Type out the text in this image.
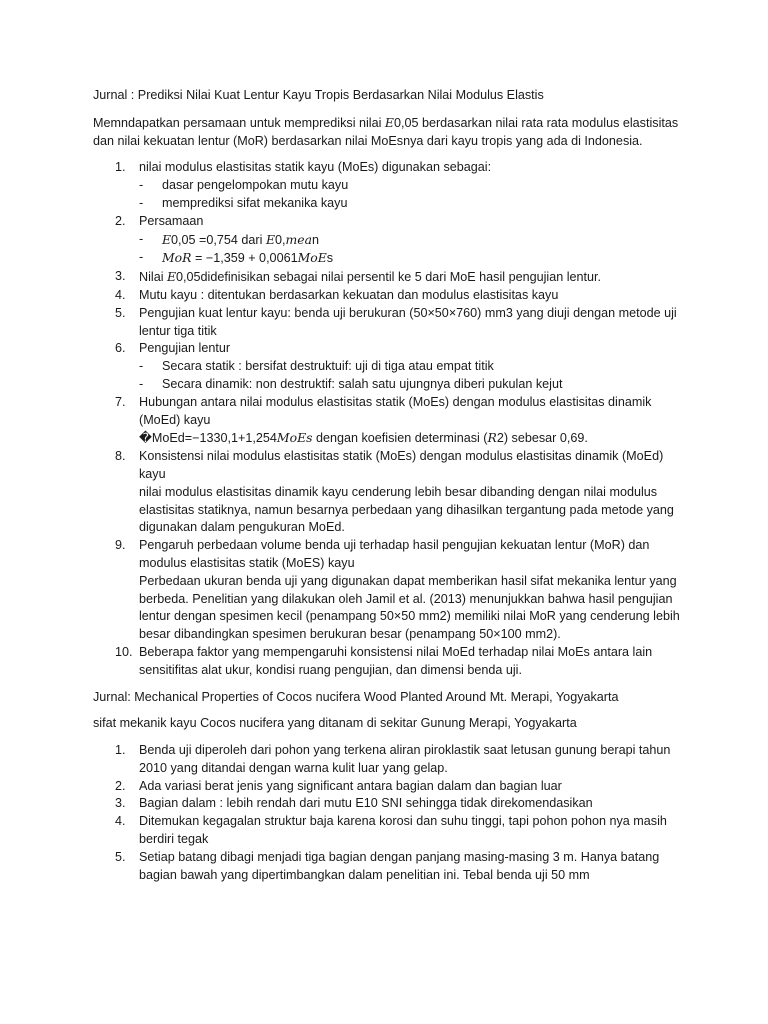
Jurnal : Prediksi Nilai Kuat Lentur Kayu Tropis Berdasarkan Nilai Modulus Elastis

Memndapatkan persamaan untuk memprediksi nilai E0,05 berdasarkan nilai rata rata modulus elastisitas dan nilai kekuatan lentur (MoR) berdasarkan nilai MoEsnya dari kayu tropis yang ada di Indonesia.

1.	nilai modulus elastisitas statik kayu (MoEs) digunakan sebagai:
- dasar pengelompokan mutu kayu
- memprediksi sifat mekanika kayu
2.	Persamaan
- E0,05 =0,754 dari E0,mean
- MoR = −1,359 + 0,0061MoEs
3.	Nilai E0,05didefinisikan sebagai nilai persentil ke 5 dari MoE hasil pengujian lentur.
4.	Mutu kayu : ditentukan berdasarkan kekuatan dan modulus elastisitas kayu
5.	Pengujian kuat lentur kayu: benda uji berukuran (50×50×760) mm3 yang diuji dengan metode uji lentur tiga titik
6.	Pengujian lentur
- Secara statik : bersifat destruktuif: uji di tiga atau empat titik
- Secara dinamik: non destruktif: salah satu ujungnya diberi pukulan kejut
7.	Hubungan antara nilai modulus elastisitas statik (MoEs) dengan modulus elastisitas dinamik (MoEd) kayu
�MoEd=−1330,1+1,254MoEs dengan koefisien determinasi (R2) sebesar 0,69.
8.	Konsistensi nilai modulus elastisitas statik (MoEs) dengan modulus elastisitas dinamik (MoEd) kayu
nilai modulus elastisitas dinamik kayu cenderung lebih besar dibanding dengan nilai modulus elastisitas statiknya, namun besarnya perbedaan yang dihasilkan tergantung pada metode yang digunakan dalam pengukuran MoEd.
9.	Pengaruh perbedaan volume benda uji terhadap hasil pengujian kekuatan lentur (MoR) dan modulus elastisitas statik (MoES) kayu
Perbedaan ukuran benda uji yang digunakan dapat memberikan hasil sifat mekanika lentur yang berbeda. Penelitian yang dilakukan oleh Jamil et al. (2013) menunjukkan bahwa hasil pengujian lentur dengan spesimen kecil (penampang 50×50 mm2) memiliki nilai MoR yang cenderung lebih besar dibandingkan spesimen berukuran besar (penampang 50×100 mm2).
10. Beberapa faktor yang mempengaruhi konsistensi nilai MoEd terhadap nilai MoEs antara lain sensitifitas alat ukur, kondisi ruang pengujian, dan dimensi benda uji.

Jurnal: Mechanical Properties of Cocos nucifera Wood Planted Around Mt. Merapi, Yogyakarta

sifat mekanik kayu Cocos nucifera yang ditanam di sekitar Gunung Merapi, Yogyakarta

1.	Benda uji diperoleh dari pohon yang terkena aliran piroklastik saat letusan gunung berapi tahun 2010 yang ditandai dengan warna kulit luar yang gelap.
2.	Ada variasi berat jenis yang significant antara bagian dalam dan bagian luar
3.	Bagian dalam : lebih rendah dari mutu E10 SNI sehingga tidak direkomendasikan
4.	Ditemukan kegagalan struktur baja karena korosi dan suhu tinggi, tapi pohon pohon nya masih berdiri tegak
5.	Setiap batang dibagi menjadi tiga bagian dengan panjang masing-masing 3 m. Hanya batang bagian bawah yang dipertimbangkan dalam penelitian ini. Tebal benda uji 50 mm
